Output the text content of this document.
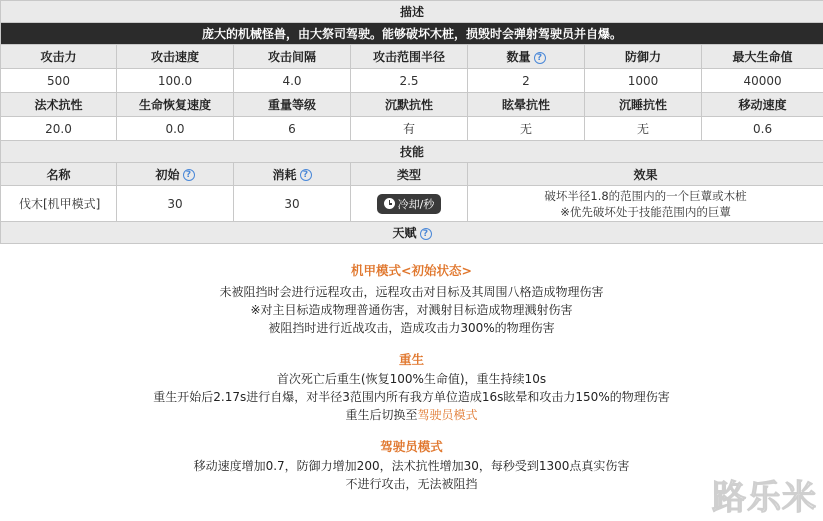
描述						
庞大的机械怪兽，由大祭司驾驶。能够破坏木桩，损毁时会弹射驾驶员并自爆。						
攻击力	攻击速度	攻击间隔	攻击范围半径	数量 ?	防御力	最大生命值
500	100.0	4.0	2.5	2	1000	40000
法术抗性	生命恢复速度	重量等级	沉默抗性	眩晕抗性	沉睡抗性	移动速度
20.0	0.0	6	有	无	无	0.6
技能						
名称	初始 ?	消耗 ?	类型	效果		
伐木[机甲模式]	30	30	冷却/秒	破坏半径1.8的范围内的一个巨蕈或木桩
※优先破坏处于技能范围内的巨蕈		

天赋 ?						
机甲模式<初始状态>
未被阻挡时会进行远程攻击，远程攻击对目标及其周围八格造成物理伤害
※对主目标造成物理普通伤害，对溅射目标造成物理溅射伤害
被阻挡时进行近战攻击，造成攻击力300%的物理伤害
重生
首次死亡后重生(恢复100%生命值)，重生持续10s
重生开始后2.17s进行自爆，对半径3范围内所有我方单位造成16s眩晕和攻击力150%的物理伤害
重生后切换至驾驶员模式
驾驶员模式
移动速度增加0.7，防御力增加200，法术抗性增加30，每秒受到1300点真实伤害
不进行攻击，无法被阻挡	路乐米
